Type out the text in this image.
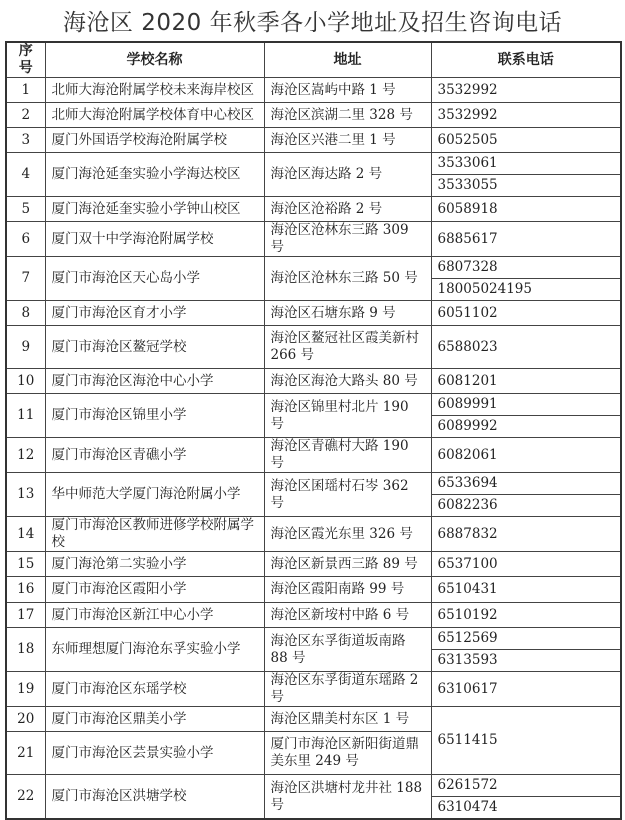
海沧区 2020 年秋季各小学地址及招生咨询电话
序号	学校名称	地址	联系电话
1	北师大海沧附属学校未来海岸校区	海沧区嵩屿中路 1 号	3532992

2	北师大海沧附属学校体育中心校区	海沧区滨湖二里 328 号	3532992

3	厦门外国语学校海沧附属学校	海沧区兴港二里 1 号	6052505

4	厦门海沧延奎实验小学海达校区	海沧区海达路 2 号	3533061
3533055

5	厦门海沧延奎实验小学钟山校区	海沧区沧裕路 2 号	6058918

6	厦门双十中学海沧附属学校	海沧区沧林东三路 309 号	6885617

7	厦门市海沧区天心岛小学	海沧区沧林东三路 50 号	6807328
18005024195

8	厦门市海沧区育才小学	海沧区石塘东路 9 号	6051102

9	厦门市海沧区鳌冠学校	海沧区鳌冠社区霞美新村 266 号	6588023

10	厦门市海沧区海沧中心小学	海沧区海沧大路头 80 号	6081201

11	厦门市海沧区锦里小学	海沧区锦里村北片 190 号	6089991
6089992

12	厦门市海沧区青礁小学	海沧区青礁村大路 190 号	6082061

13	华中师范大学厦门海沧附属小学	海沧区囷瑶村石岑 362 号	6533694
6082236

14	厦门市海沧区教师进修学校附属学校	海沧区霞光东里 326 号	6887832

15	厦门海沧第二实验小学	海沧区新景西三路 89 号	6537100

16	厦门市海沧区霞阳小学	海沧区霞阳南路 99 号	6510431

17	厦门市海沧区新江中心小学	海沧区新垵村中路 6 号	6510192

18	东师理想厦门海沧东孚实验小学	海沧区东孚街道坂南路 88 号	6512569
6313593

19	厦门市海沧区东瑶学校	海沧区东孚街道东瑶路 2 号	6310617

20	厦门市海沧区鼎美小学	海沧区鼎美村东区 1 号	6511415

21	厦门市海沧区芸景实验小学	厦门市海沧区新阳街道鼎美东里 249 号	
22	厦门市海沧区洪塘学校	海沧区洪塘村龙井社 188 号	6261572
6310474
